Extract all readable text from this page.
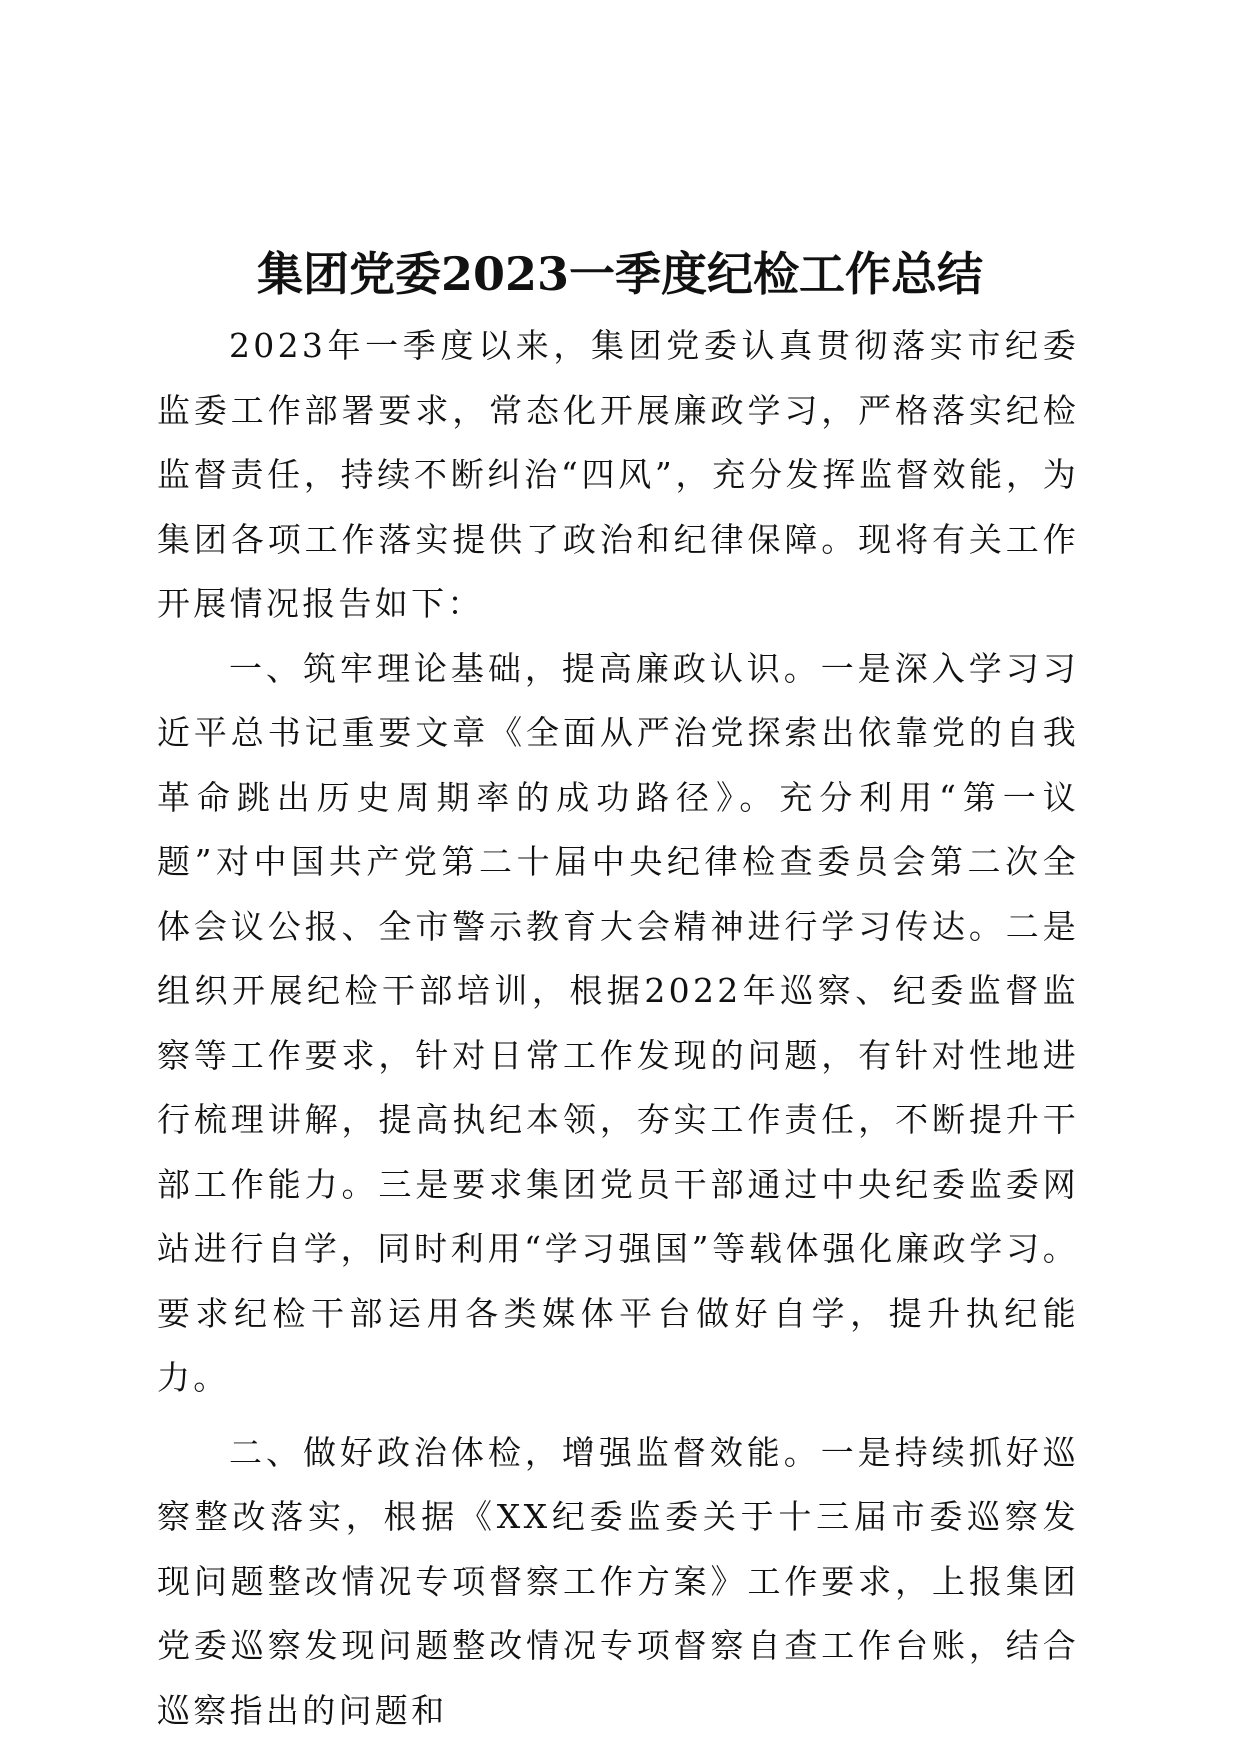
集团党委2023一季度纪检工作总结

2023年一季度以来，集团党委认真贯彻落实市纪委监委工作部署要求，常态化开展廉政学习，严格落实纪检监督责任，持续不断纠治“四风”，充分发挥监督效能，为集团各项工作落实提供了政治和纪律保障。现将有关工作开展情况报告如下：

一、筑牢理论基础，提高廉政认识。一是深入学习习近平总书记重要文章《全面从严治党探索出依靠党的自我革命跳出历史周期率的成功路径》。充分利用“第一议题”对中国共产党第二十届中央纪律检查委员会第二次全体会议公报、全市警示教育大会精神进行学习传达。二是组织开展纪检干部培训，根据2022年巡察、纪委监督监察等工作要求，针对日常工作发现的问题，有针对性地进行梳理讲解，提高执纪本领，夯实工作责任，不断提升干部工作能力。三是要求集团党员干部通过中央纪委监委网站进行自学，同时利用“学习强国”等载体强化廉政学习。要求纪检干部运用各类媒体平台做好自学，提升执纪能力。

二、做好政治体检，增强监督效能。一是持续抓好巡察整改落实，根据《XX纪委监委关于十三届市委巡察发现问题整改情况专项督察工作方案》工作要求，上报集团党委巡察发现问题整改情况专项督察自查工作台账，结合巡察指出的问题和
